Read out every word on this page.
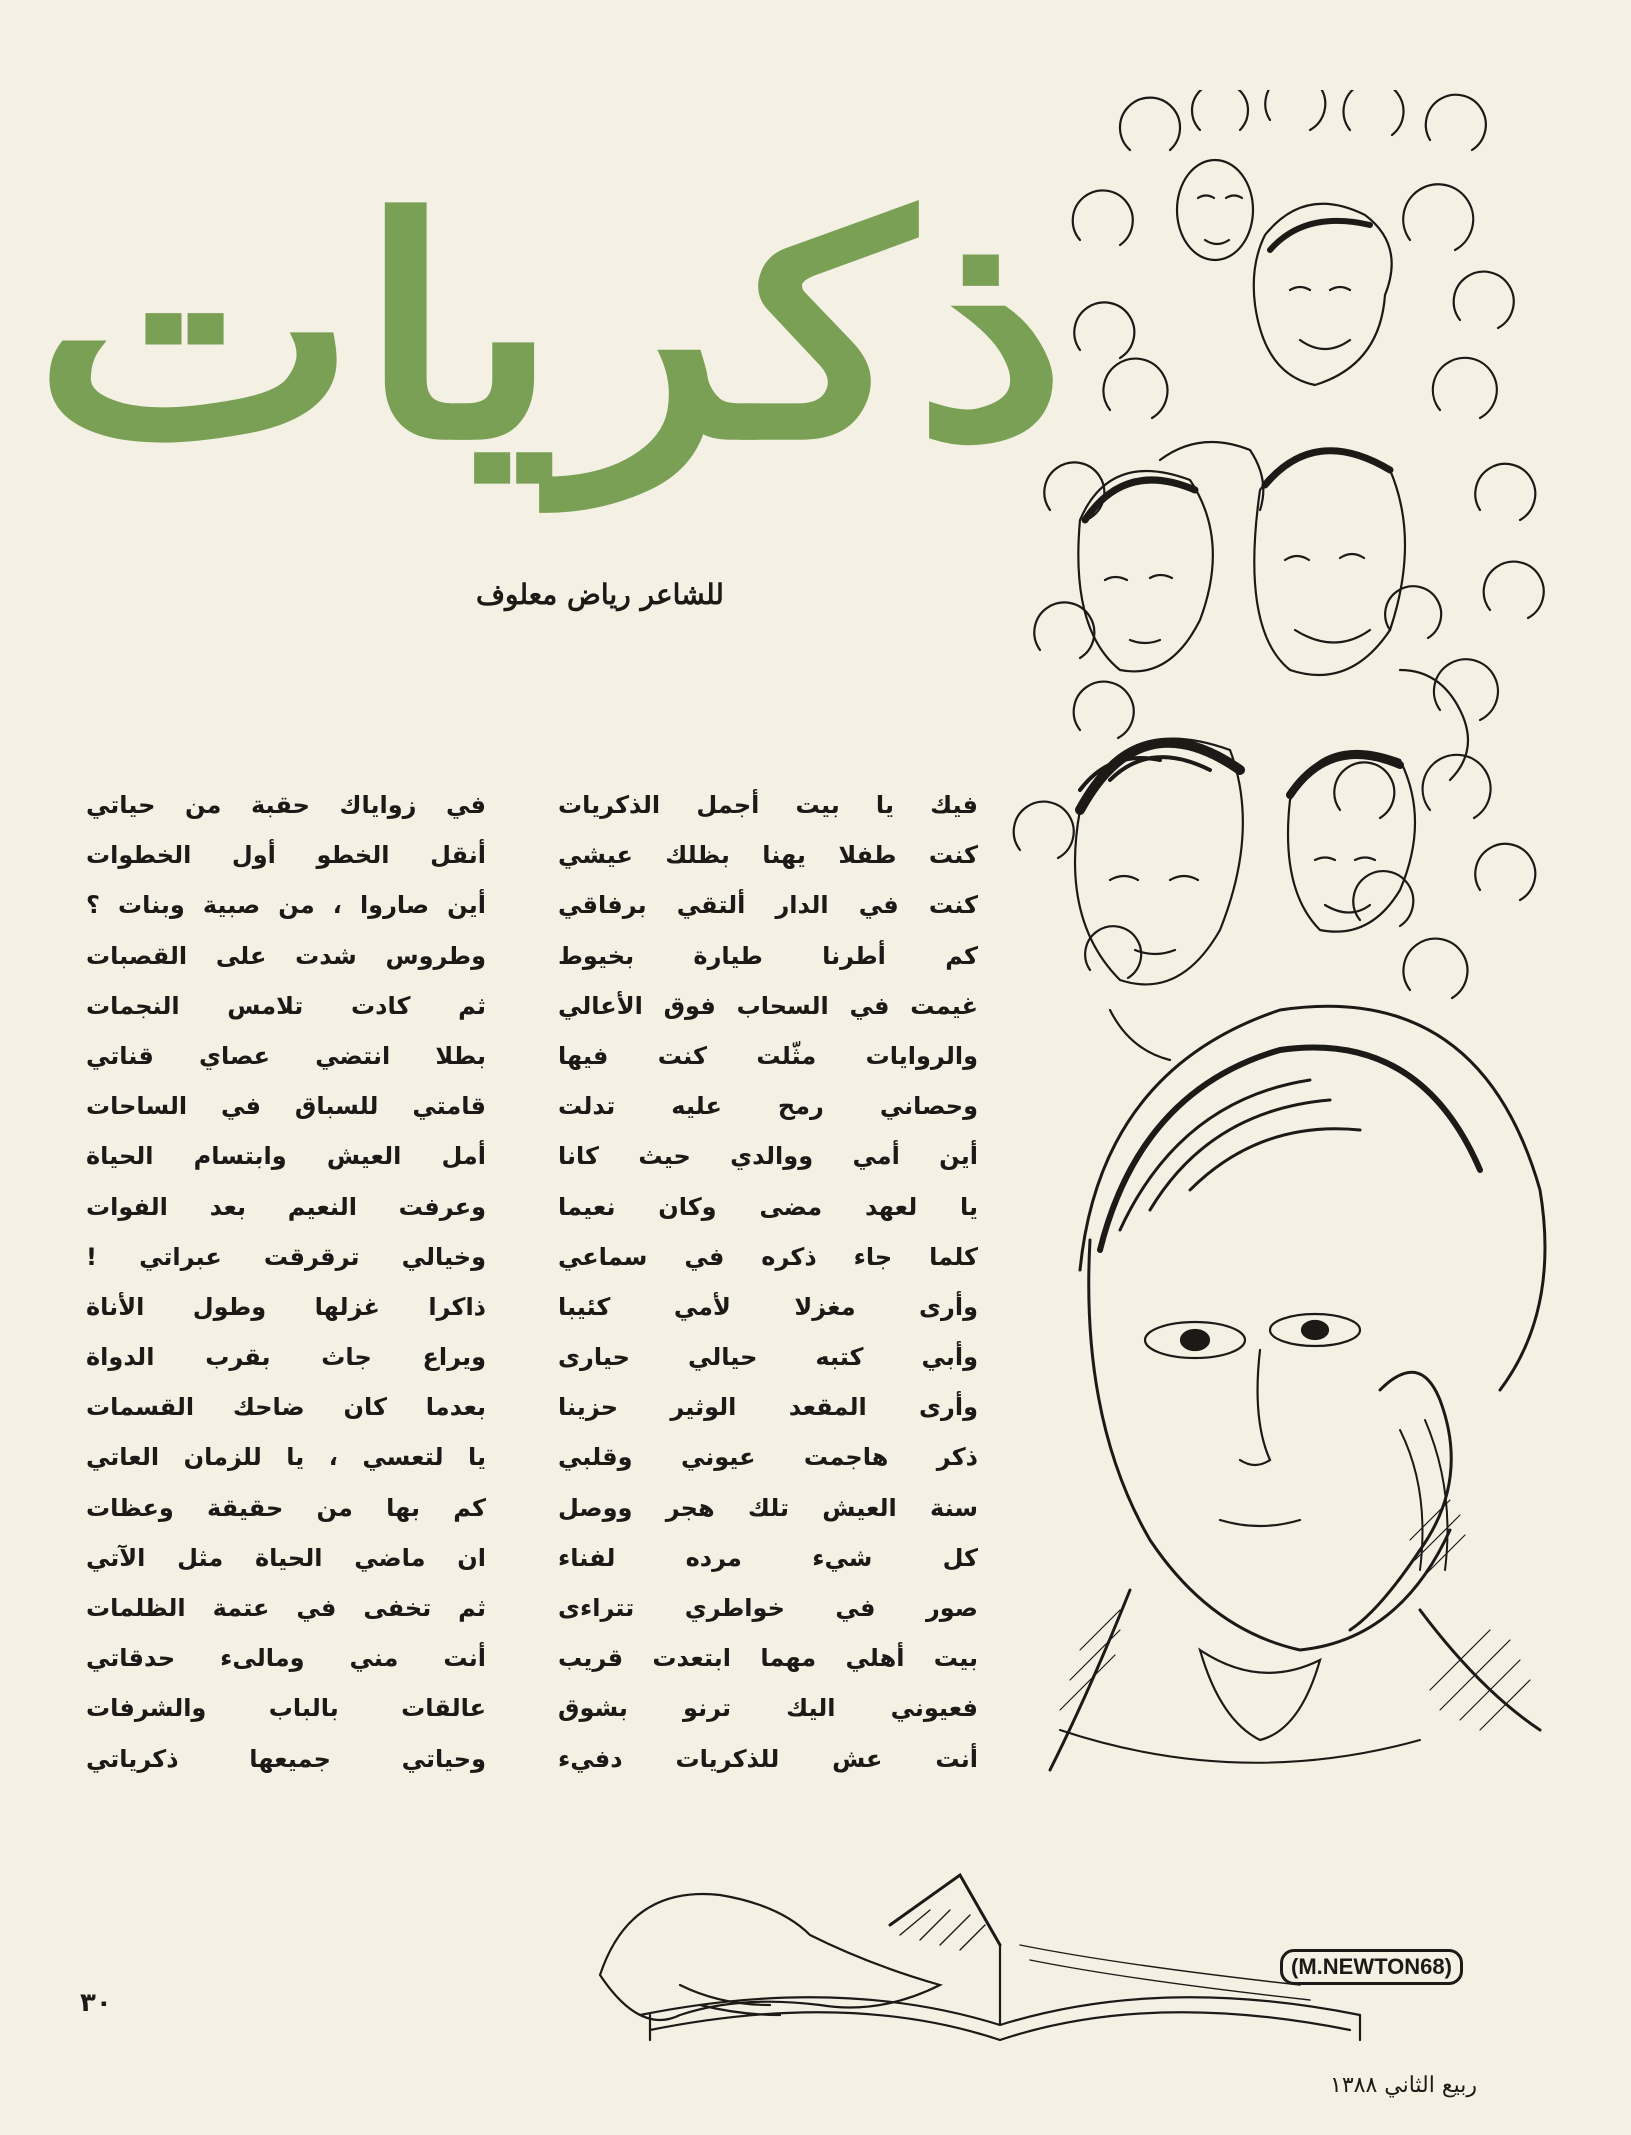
ذكريات
للشاعر رياض معلوف
فيك يا بيت أجمل الذكريات
كنت طفلا يهنا بظلك عيشي
كنت في الدار ألتقي برفاقي
كم أطرنا طيارة بخيوط
غيمت في السحاب فوق الأعالي
والروايات مثّلت كنت فيها
وحصاني رمح عليه تدلت
أين أمي ووالدي حيث كانا
يا لعهد مضى وكان نعيما
كلما جاء ذكره في سماعي
وأرى مغزلا لأمي كئيبا
وأبي كتبه حيالي حيارى
وأرى المقعد الوثير حزينا
ذكر هاجمت عيوني وقلبي
سنة العيش تلك هجر ووصل
كل شيء مرده لفناء
صور في خواطري تتراءى
بيت أهلي مهما ابتعدت قريب
فعيوني اليك ترنو بشوق
أنت عش للذكريات دفيء
في زواياك حقبة من حياتي
أنقل الخطو أول الخطوات
أين صاروا ، من صبية وبنات ؟
وطروس شدت على القصبات
ثم كادت تلامس النجمات
بطلا انتضي عصاي قناتي
قامتي للسباق في الساحات
أمل العيش وابتسام الحياة
وعرفت النعيم بعد الفوات
وخيالي ترقرقت عبراتي !
ذاكرا غزلها وطول الأناة
ويراع جاث بقرب الدواة
بعدما كان ضاحك القسمات
يا لتعسي ، يا للزمان العاتي
كم بها من حقيقة وعظات
ان ماضي الحياة مثل الآتي
ثم تخفى في عتمة الظلمات
أنت مني ومالىء حدقاتي
عالقات بالباب والشرفات
وحياتي جميعها ذكرياتي
(M.NEWTON68)
٣٠
ربيع الثاني ١٣٨٨
